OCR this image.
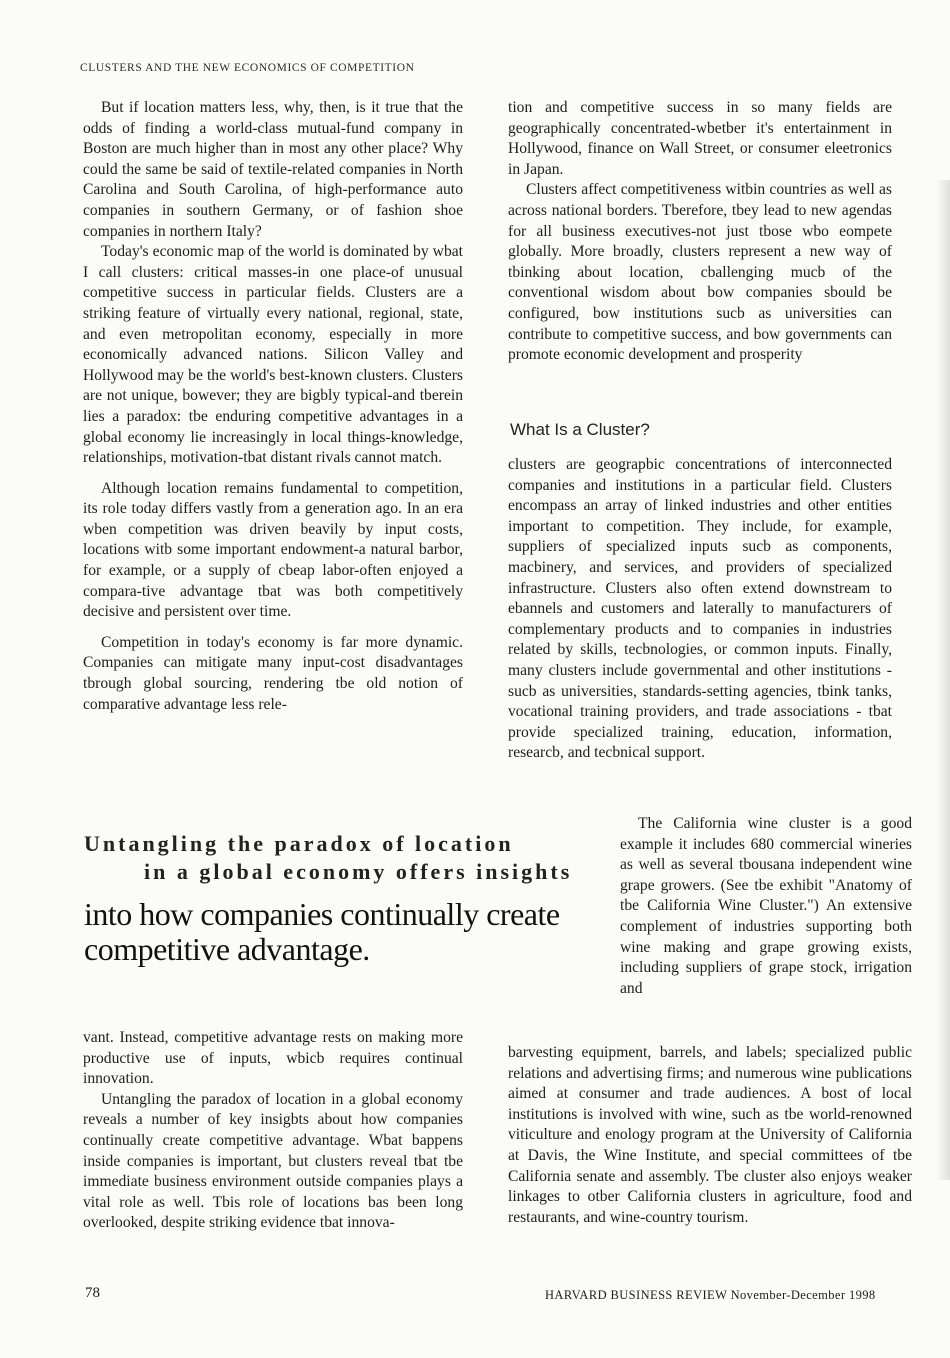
CLUSTERS AND THE NEW ECONOMICS OF COMPETITION

But if location matters less, why, then, is it true that the odds of finding a world-class mutual-fund company in Boston are much higher than in most any other place? Why could the same be said of textile-related companies in North Carolina and South Carolina, of high-performance auto companies in southern Germany, or of fashion shoe companies in northern Italy?

Today's economic map of the world is dominated by wbat I call clusters: critical masses-in one place-of unusual competitive success in particular fields. Clusters are a striking feature of virtually every national, regional, state, and even metropolitan economy, especially in more economically advanced nations. Silicon Valley and Hollywood may be the world's best-known clusters. Clusters are not unique, bowever; they are bigbly typical-and tberein lies a paradox: tbe enduring competitive advantages in a global economy lie increasingly in local things-knowledge, relationships, motivation-tbat distant rivals cannot match.

Although location remains fundamental to competition, its role today differs vastly from a generation ago. In an era wben competition was driven beavily by input costs, locations witb some important endowment-a natural barbor, for example, or a supply of cbeap labor-often enjoyed a compara-tive advantage tbat was both competitively decisive and persistent over time.

Competition in today's economy is far more dynamic. Companies can mitigate many input-cost disadvantages tbrough global sourcing, rendering tbe old notion of comparative advantage less rele-

Untangling the paradox of location
in a global economy offers insights
into how companies continually create competitive advantage.

vant. Instead, competitive advantage rests on making more productive use of inputs, wbicb requires continual innovation.

Untangling the paradox of location in a global economy reveals a number of key insigbts about how companies continually create competitive advantage. Wbat bappens inside companies is important, but clusters reveal tbat tbe immediate business environment outside companies plays a vital role as well. Tbis role of locations bas been long overlooked, despite striking evidence tbat innova-

tion and competitive success in so many fields are geographically concentrated-wbetber it's entertainment in Hollywood, finance on Wall Street, or consumer eleetronics in Japan.

Clusters affect competitiveness witbin countries as well as across national borders. Tberefore, tbey lead to new agendas for all business executives-not just tbose wbo eompete globally. More broadly, clusters represent a new way of tbinking about location, cballenging mucb of the conventional wisdom about bow companies sbould be configured, bow institutions sucb as universities can contribute to competitive success, and bow governments can promote economic development and prosperity

What Is a Cluster?

clusters are geograpbic concentrations of interconnected companies and institutions in a particular field. Clusters encompass an array of linked industries and other entities important to competition. They include, for example, suppliers of specialized inputs sucb as components, macbinery, and services, and providers of specialized infrastructure. Clusters also often extend downstream to ebannels and customers and laterally to manufacturers of complementary products and to companies in industries related by skills, tecbnologies, or common inputs. Finally, many clusters include governmental and other institutions - sucb as universities, standards-setting agencies, tbink tanks, vocational training providers, and trade associations - tbat provide specialized training, education, information, researcb, and tecbnical support.

The California wine cluster is a good example it includes 680 commercial wineries as well as several tbousana independent wine grape growers. (See tbe exhibit "Anatomy of tbe California Wine Cluster.") An extensive complement of industries supporting both wine making and grape growing exists, including suppliers of grape stock, irrigation and

barvesting equipment, barrels, and labels; specialized public relations and advertising firms; and numerous wine publications aimed at consumer and trade audiences. A bost of local institutions is involved with wine, such as tbe world-renowned viticulture and enology program at the University of California at Davis, the Wine Institute, and special committees of tbe California senate and assembly. Tbe cluster also enjoys weaker linkages to otber California clusters in agriculture, food and restaurants, and wine-country tourism.

78	HARVARD BUSINESS REVIEW November-December 1998
